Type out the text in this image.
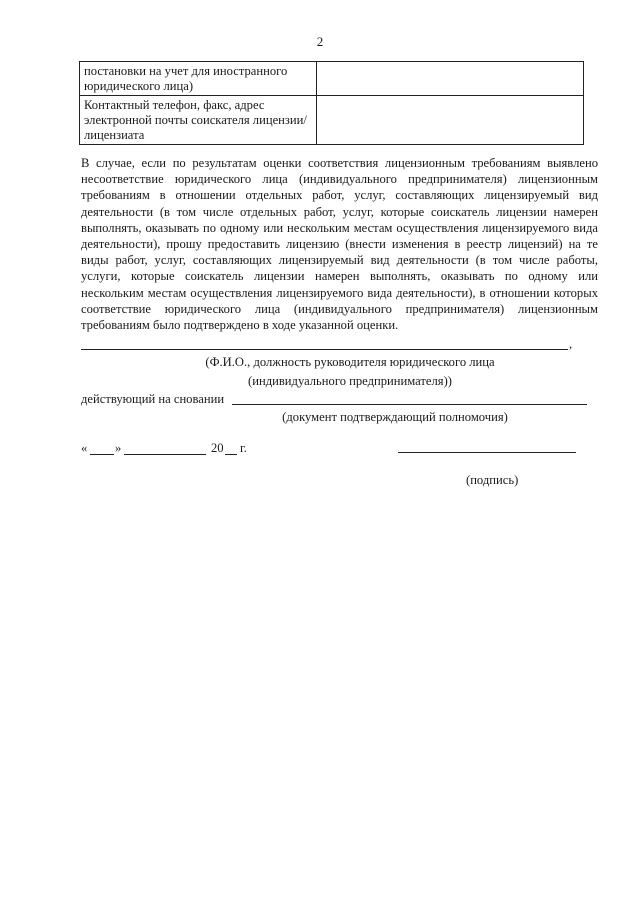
2
постановки на учет для иностранного юридического лица)	
Контактный телефон, факс, адрес электронной почты соискателя лицензии/лицензиата	

В случае, если по результатам оценки соответствия лицензионным требованиям выявлено несоответствие юридического лица (индивидуального предпринимателя) лицензионным требованиям в отношении отдельных работ, услуг, составляющих лицензируемый вид деятельности (в том числе отдельных работ, услуг, которые соискатель лицензии намерен выполнять, оказывать по одному или нескольким местам осуществления лицензируемого вида деятельности), прошу предоставить лицензию (внести изменения в реестр лицензий) на те виды работ, услуг, составляющих лицензируемый вид деятельности (в том числе работы, услуги, которые соискатель лицензии намерен выполнять, оказывать по одному или нескольким местам осуществления лицензируемого вида деятельности), в отношении которых соответствие юридического лица (индивидуального предпринимателя) лицензионным требованиям было подтверждено в ходе указанной оценки.

,
(Ф.И.О., должность руководителя юридического лица
(индивидуального предпринимателя))
действующий на сновании
(документ подтверждающий полномочия)
« »	20 г.
(подпись)
